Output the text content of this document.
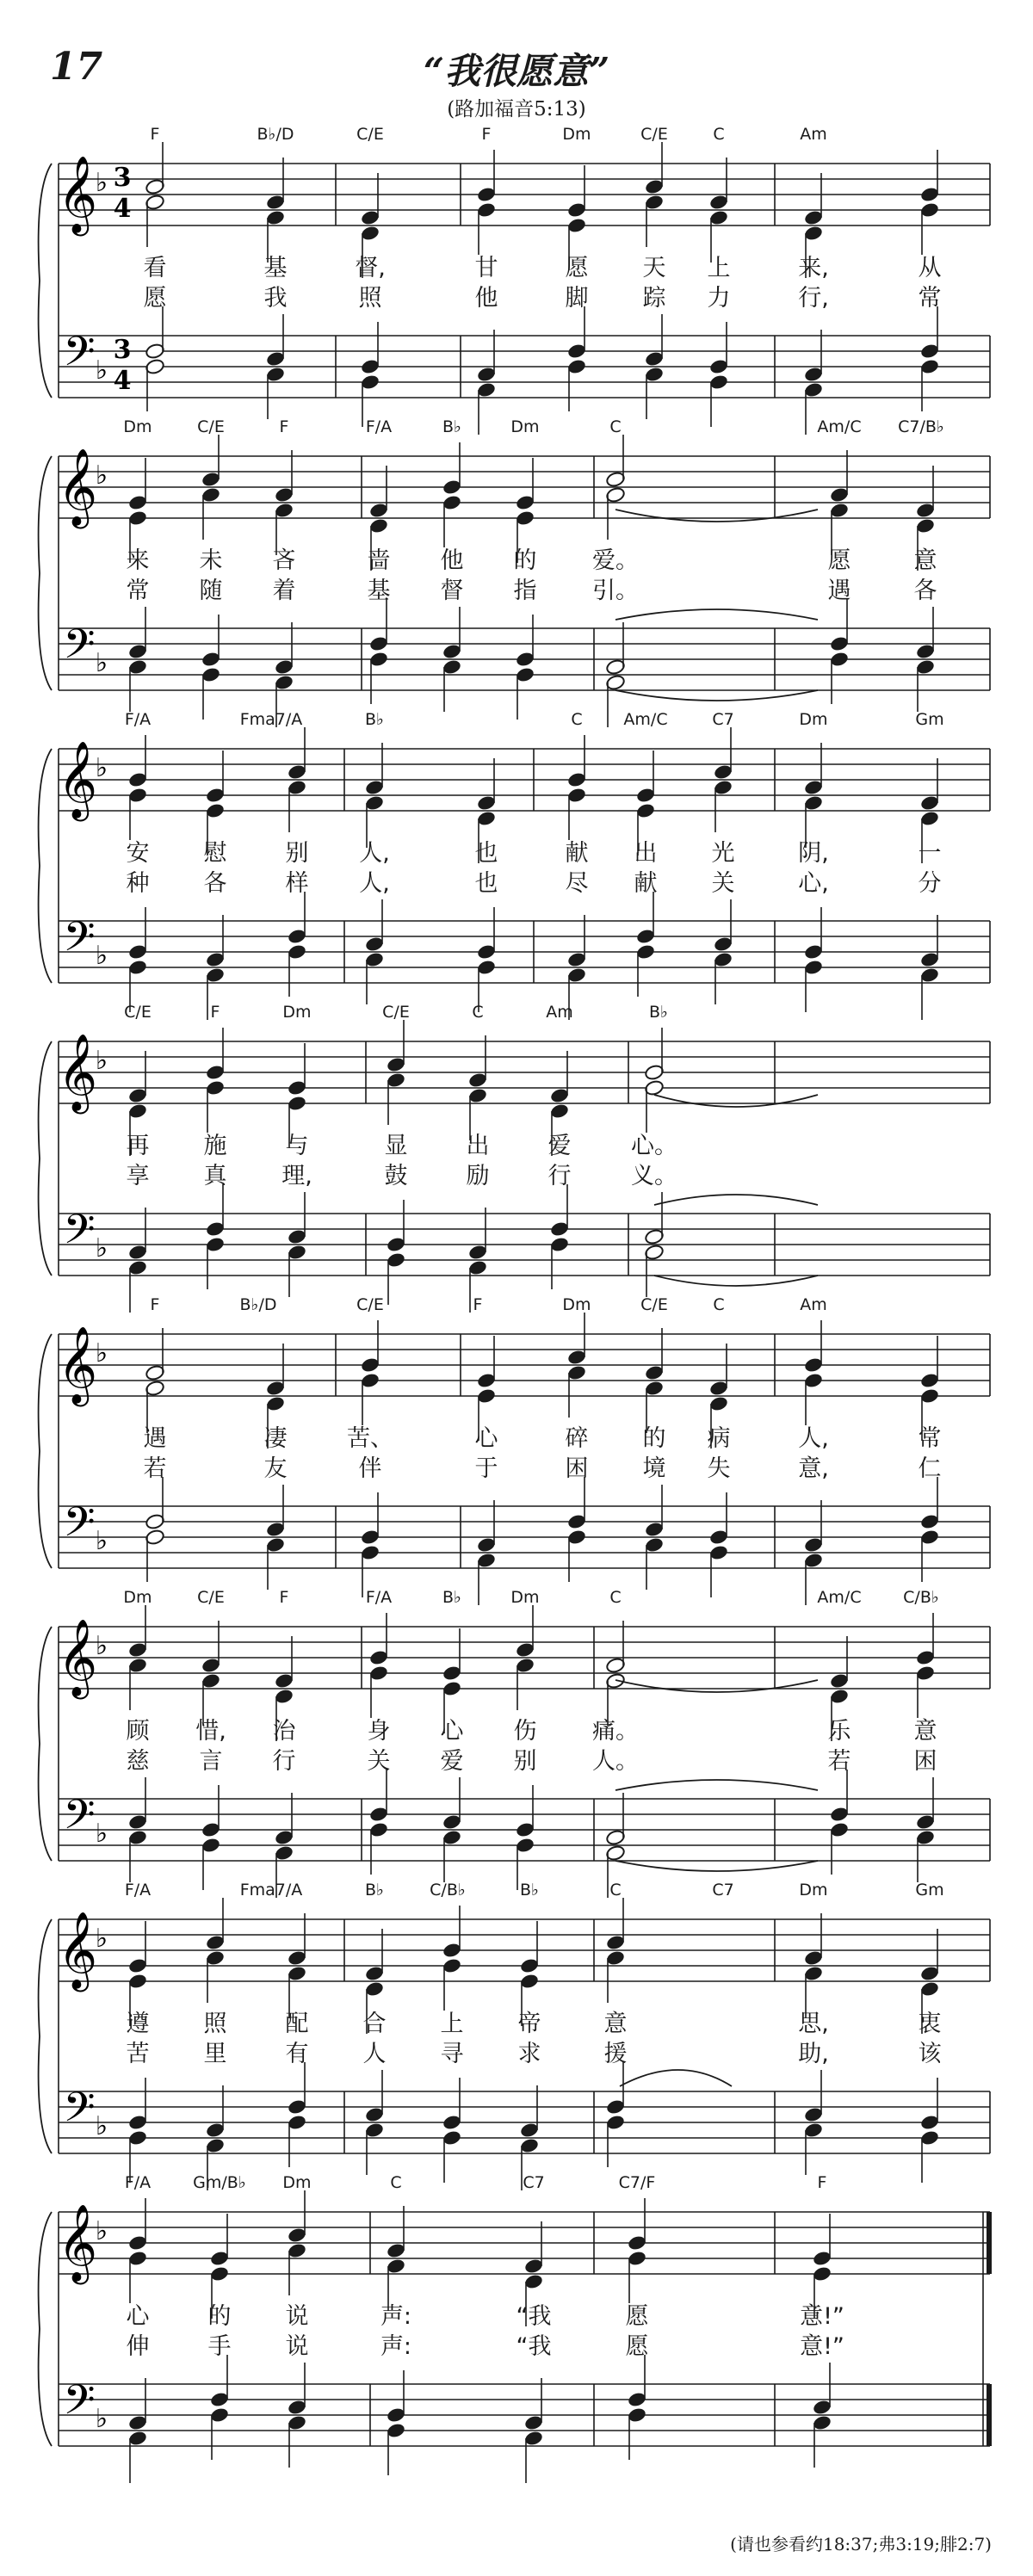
17	“我很愿意”
(路加福音5:13)
𝄞
𝄢
♭
♭
3
4
3
4
F	B♭/D	C/E	F	Dm	C/E	C	Am
看	基	督,	甘	愿 天 上	来,	从
愿	我	照	他	脚 踪 力	行,	常
𝄞
𝄢
♭
♭
Dm	C/E	F	F/A	B♭	Dm	C	Am/C C7/B♭
来 未 吝	啬 他 的 爱。	愿	意
常 随 着	基 督 指 引。	遇	各
𝄞
𝄢
♭
♭
F/A	Fma7/A	B♭	C	Am/C	C7	Dm	Gm
安 慰	别 人,	也	献 出 光	阴,	一
种 各	样 人,	也	尽 献 关	心,	分
𝄞
𝄢
♭
♭
C/E	F	Dm	C/E	C	Am	B♭
再 施	与	显	出	爱	心。
享 真 理,	鼓	励	行	义。
𝄞
𝄢
♭
♭
F	B♭/D	C/E	F	Dm	C/E	C	Am
遇	凄	苦、	心	碎 的 病	人,	常
若	友	伴	于	困 境 失	意,	仁
𝄞
𝄢
♭
♭
Dm	C/E	F	F/A	B♭	Dm	C	Am/C	C/B♭
顾 惜, 治	身 心 伤 痛。	乐	意
慈 言 行	关 爱 别 人。	若	困
𝄞
𝄢
♭
♭
F/A	Fma7/A	B♭	C/B♭	B♭	C	C7	Dm	Gm
遵 照	配 合 上 帝	意	思,	衷
苦 里	有 人 寻 求	援	助,	该
𝄞
𝄢
♭
♭
F/A	Gm/B♭ Dm	C	C7	C7/F	F
心	的 说	声:	“我	愿	意!”
伸	手 说	声:	“我	愿	意!”
(请也参看约18:37;弗3:19;腓2:7)
